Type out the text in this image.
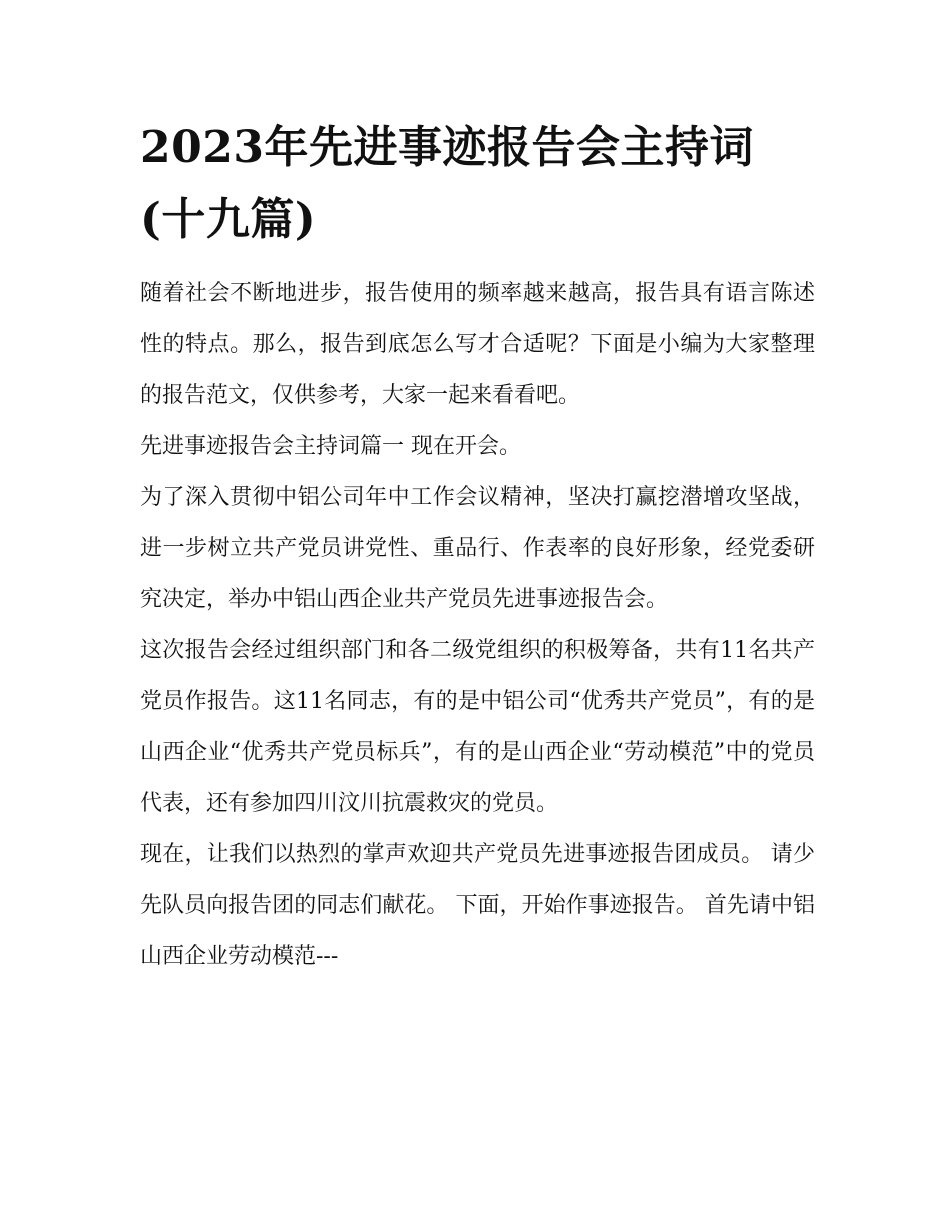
2023年先进事迹报告会主持词(十九篇)

随着社会不断地进步，报告使用的频率越来越高，报告具有语言陈述性的特点。那么，报告到底怎么写才合适呢？下面是小编为大家整理的报告范文，仅供参考，大家一起来看看吧。

先进事迹报告会主持词篇一 现在开会。

为了深入贯彻中铝公司年中工作会议精神，坚决打赢挖潜增攻坚战，进一步树立共产党员讲党性、重品行、作表率的良好形象，经党委研究决定，举办中铝山西企业共产党员先进事迹报告会。

这次报告会经过组织部门和各二级党组织的积极筹备，共有11名共产党员作报告。这11名同志，有的是中铝公司“优秀共产党员”，有的是山西企业“优秀共产党员标兵”，有的是山西企业“劳动模范”中的党员代表，还有参加四川汶川抗震救灾的党员。

现在，让我们以热烈的掌声欢迎共产党员先进事迹报告团成员。 请少先队员向报告团的同志们献花。 下面，开始作事迹报告。 首先请中铝山西企业劳动模范---
